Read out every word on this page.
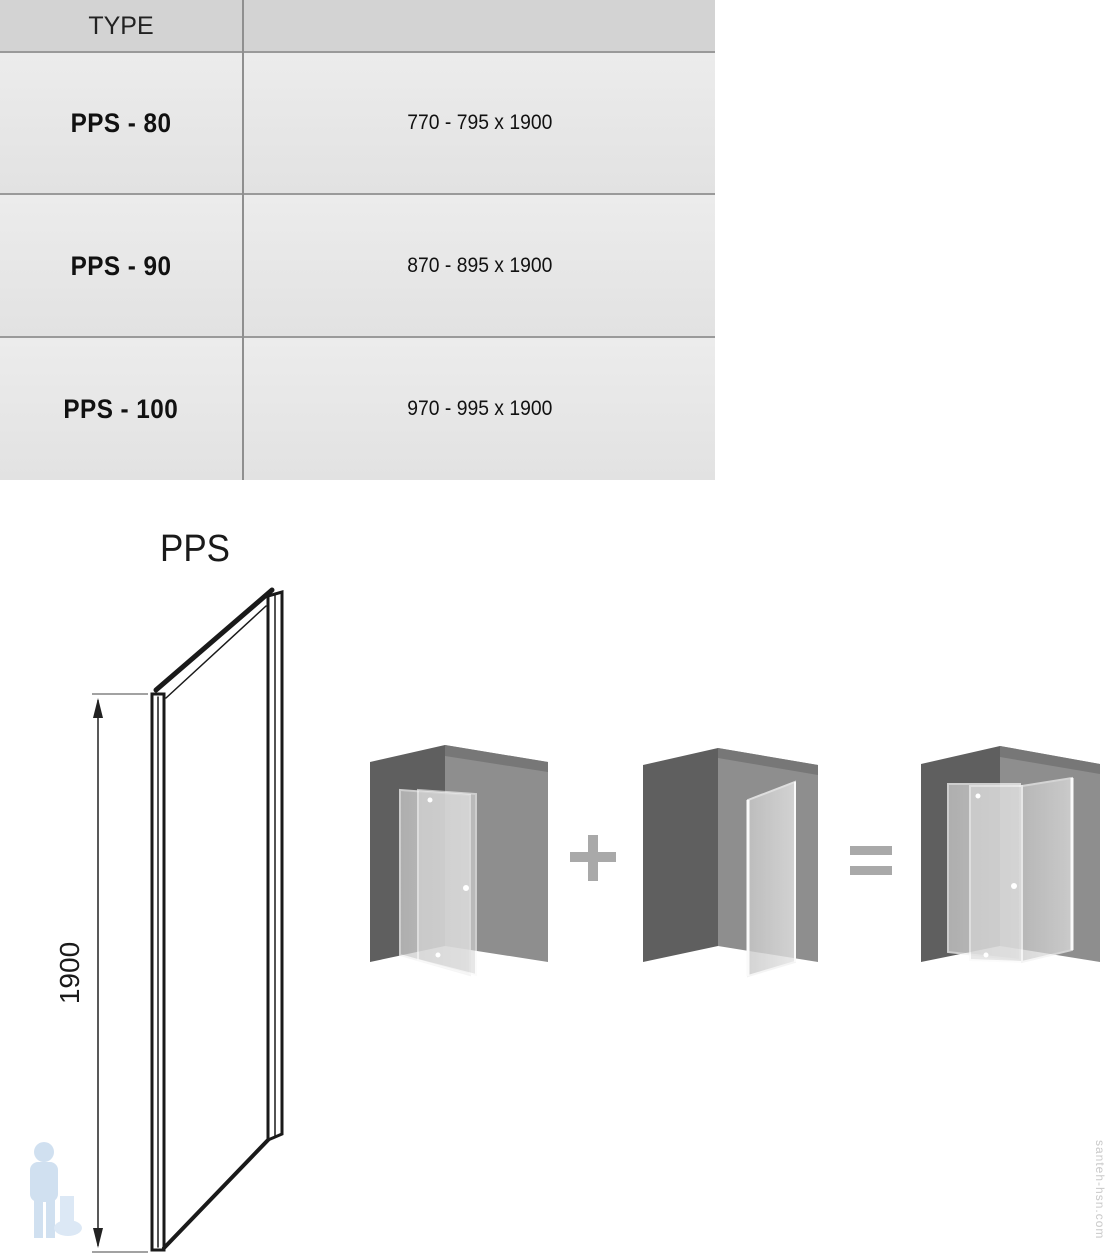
TYPE
PPS - 80	770 - 795 x 1900
PPS - 90	870 - 895 x 1900
PPS - 100	970 - 995 x 1900
PPS
1900
santeh-hsn.com
